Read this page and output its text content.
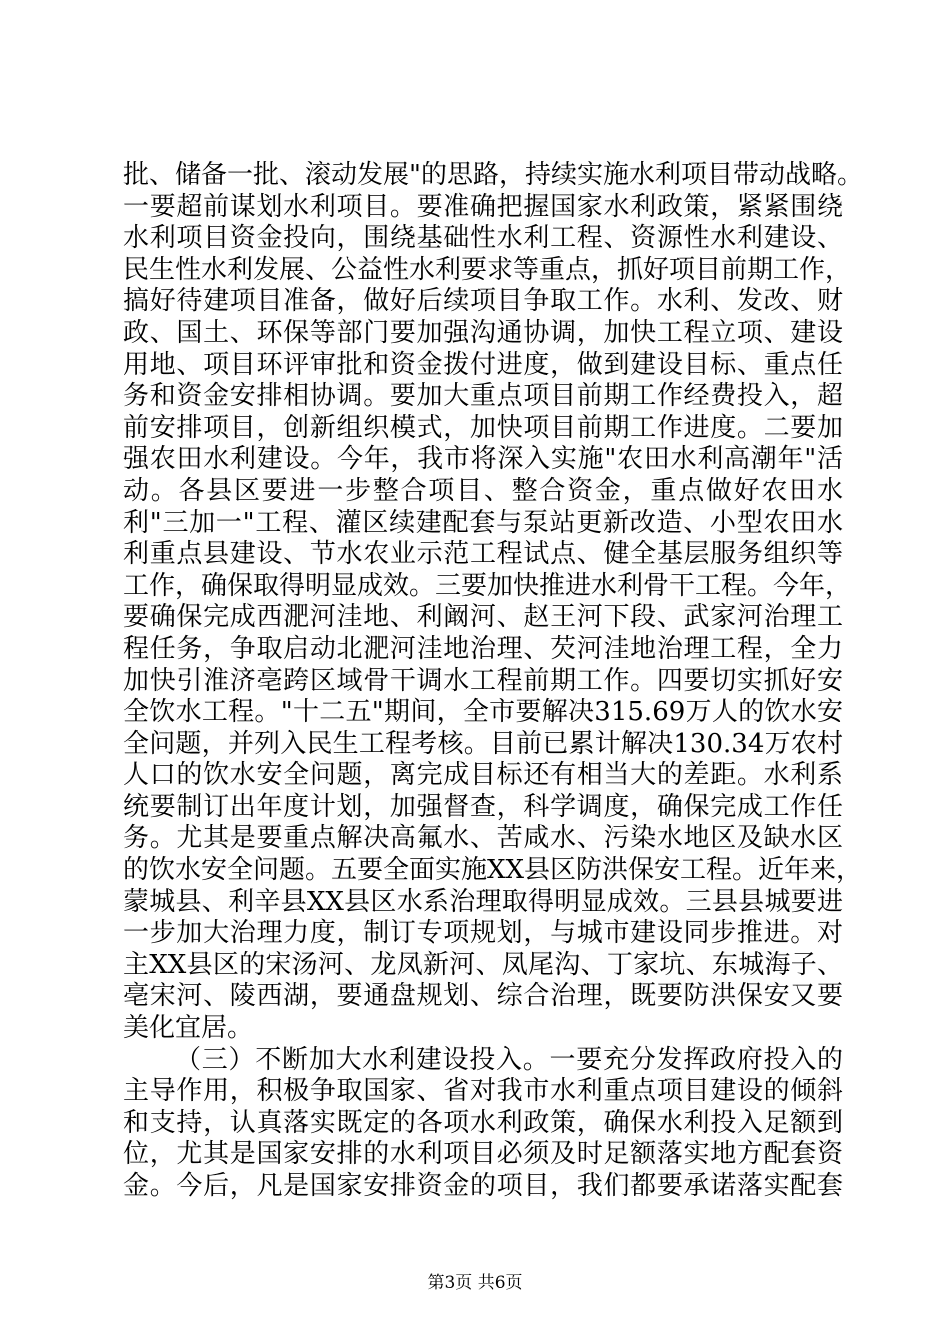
批、储备一批、滚动发展"的思路，持续实施水利项目带动战略。
一要超前谋划水利项目。要准确把握国家水利政策，紧紧围绕
水利项目资金投向，围绕基础性水利工程、资源性水利建设、
民生性水利发展、公益性水利要求等重点，抓好项目前期工作，
搞好待建项目准备，做好后续项目争取工作。水利、发改、财
政、国土、环保等部门要加强沟通协调，加快工程立项、建设
用地、项目环评审批和资金拨付进度，做到建设目标、重点任
务和资金安排相协调。要加大重点项目前期工作经费投入，超
前安排项目，创新组织模式，加快项目前期工作进度。二要加
强农田水利建设。今年，我市将深入实施"农田水利高潮年"活
动。各县区要进一步整合项目、整合资金，重点做好农田水
利"三加一"工程、灌区续建配套与泵站更新改造、小型农田水
利重点县建设、节水农业示范工程试点、健全基层服务组织等
工作，确保取得明显成效。三要加快推进水利骨干工程。今年，
要确保完成西淝河洼地、利阚河、赵王河下段、武家河治理工
程任务，争取启动北淝河洼地治理、芡河洼地治理工程，全力
加快引淮济亳跨区域骨干调水工程前期工作。四要切实抓好安
全饮水工程。"十二五"期间，全市要解决315.69万人的饮水安
全问题，并列入民生工程考核。目前已累计解决130.34万农村
人口的饮水安全问题，离完成目标还有相当大的差距。水利系
统要制订出年度计划，加强督查，科学调度，确保完成工作任
务。尤其是要重点解决高氟水、苦咸水、污染水地区及缺水区
的饮水安全问题。五要全面实施XX县区防洪保安工程。近年来，
蒙城县、利辛县XX县区水系治理取得明显成效。三县县城要进
一步加大治理力度，制订专项规划，与城市建设同步推进。对
主XX县区的宋汤河、龙凤新河、凤尾沟、丁家坑、东城海子、
亳宋河、陵西湖，要通盘规划、综合治理，既要防洪保安又要
美化宜居。
（三）不断加大水利建设投入。一要充分发挥政府投入的
主导作用，积极争取国家、省对我市水利重点项目建设的倾斜
和支持，认真落实既定的各项水利政策，确保水利投入足额到
位，尤其是国家安排的水利项目必须及时足额落实地方配套资
金。今后，凡是国家安排资金的项目，我们都要承诺落实配套
第3页 共6页
